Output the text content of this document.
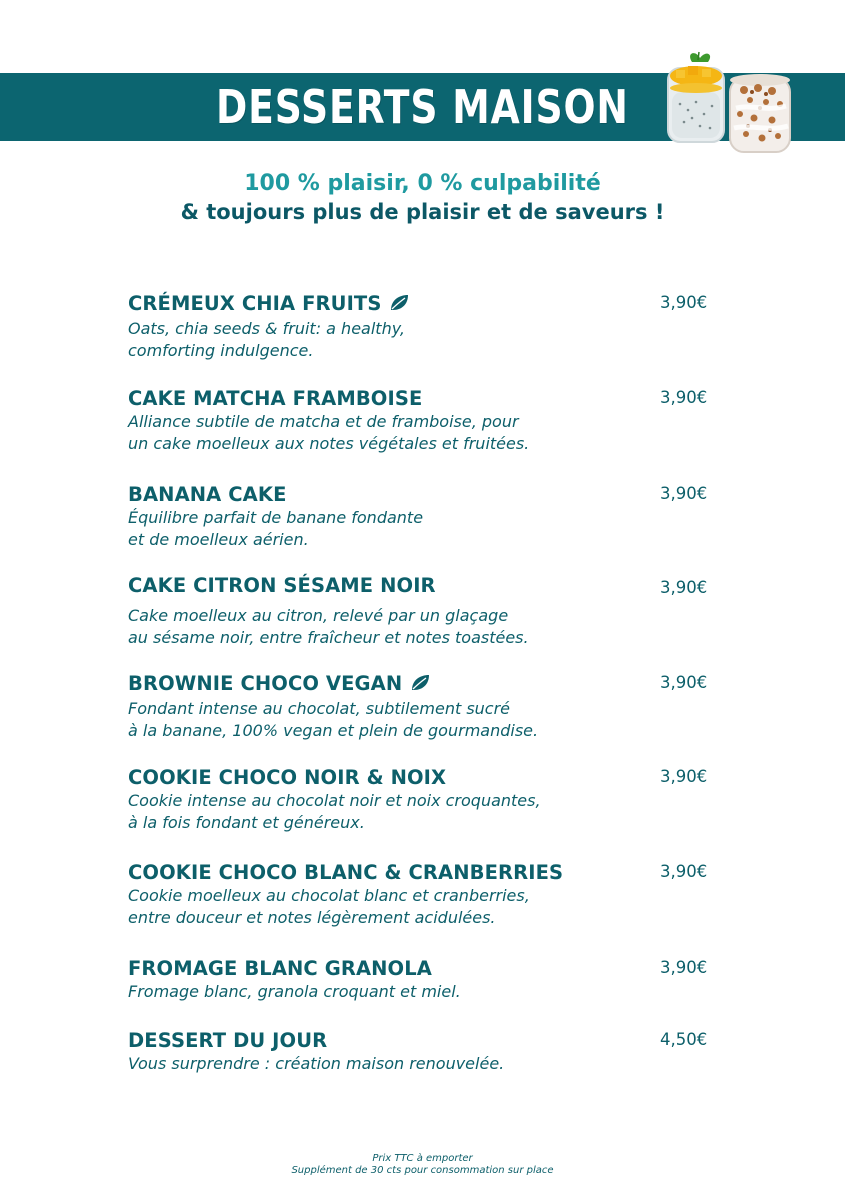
DESSERTS MAISON
100 % plaisir, 0 % culpabilité
& toujours plus de plaisir et de saveurs !
CRÉMEUX CHIA FRUITS
Oats, chia seeds & fruit: a healthy,
comforting indulgence.
3,90€
CAKE MATCHA FRAMBOISE
Alliance subtile de matcha et de framboise, pour
un cake moelleux aux notes végétales et fruitées.
3,90€
BANANA CAKE
Équilibre parfait de banane fondante
et de moelleux aérien.
3,90€
CAKE CITRON SÉSAME NOIR
Cake moelleux au citron, relevé par un glaçage
au sésame noir, entre fraîcheur et notes toastées.
3,90€
BROWNIE CHOCO VEGAN
Fondant intense au chocolat, subtilement sucré
à la banane, 100% vegan et plein de gourmandise.
3,90€
COOKIE CHOCO NOIR & NOIX
Cookie intense au chocolat noir et noix croquantes,
à la fois fondant et généreux.
3,90€
COOKIE CHOCO BLANC & CRANBERRIES
Cookie moelleux au chocolat blanc et cranberries,
entre douceur et notes légèrement acidulées.
3,90€
FROMAGE BLANC GRANOLA
Fromage blanc, granola croquant et miel.
3,90€
DESSERT DU JOUR
Vous surprendre : création maison renouvelée.
4,50€
Prix TTC à emporter
Supplément de 30 cts pour consommation sur place
